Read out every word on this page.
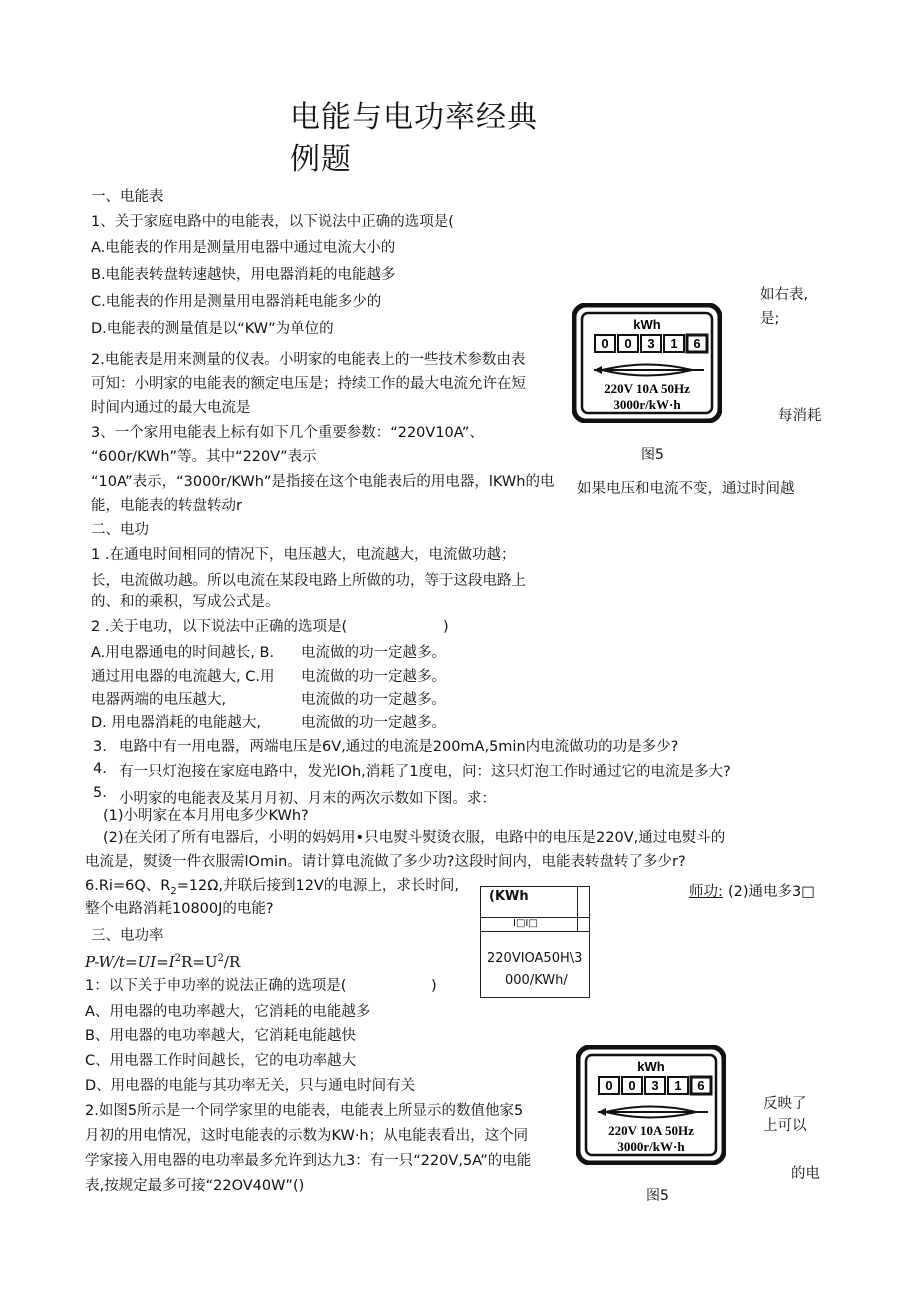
电能与电功率经典
例题
一、电能表
1、关于家庭电路中的电能表，以下说法中正确的选项是(
A.电能表的作用是测量用电器中通过电流大小的
B.电能表转盘转速越快，用电器消耗的电能越多
C.电能表的作用是测量用电器消耗电能多少的
D.电能表的测量值是以“KW”为单位的
2.电能表是用来测量的仪表。小明家的电能表上的一些技术参数由表
可知：小明家的电能表的额定电压是；持续工作的最大电流允许在短
时间内通过的最大电流是
3、一个家用电能表上标有如下几个重要参数：“220V10A”、
“600r/KWh”等。其中“220V”表示
“10A”表示，“3000r/KWh”是指接在这个电能表后的用电器，lKWh的电
能，电能表的转盘转动r
如右表,
是;
每消耗
图5
如果电压和电流不变，通过时间越
kWh
0 0 3 1 6
220V 10A 50Hz
3000r/kW·h
二、电功
1 .在通电时间相同的情况下，电压越大，电流越大，电流做功越；
长，电流做功越。所以电流在某段电路上所做的功，等于这段电路上
的、和的乘积，写成公式是。
2 .关于电功，以下说法中正确的选项是(	)
A.用电器通电的时间越长, B. 电流做的功一定越多。
通过用电器的电流越大, C.用 电流做的功一定越多。
电器两端的电压越大,	电流做的功一定越多。
D. 用电器消耗的电能越大,	电流做的功一定越多。
3. 电路中有一用电器，两端电压是6V,通过的电流是200mA,5min内电流做功的功是多少?
4. 有一只灯泡接在家庭电路中，发光lOh,消耗了1度电，问：这只灯泡工作时通过它的电流是多大?
5. 小明家的电能表及某月月初、月末的两次示数如下图。求：
(1)小明家在本月用电多少KWh?
(2)在关闭了所有电器后，小明的妈妈用•只电熨斗熨烫衣服，电路中的电压是220V,通过电熨斗的
电流是，熨烫一件衣服需lOmin。请计算电流做了多少功?这段时间内，电能表转盘转了多少r?
6.Ri=6Q、$R_2=12\Omega$,并联后接到12V的电源上，求长时间,
整个电路消耗10800J的电能?
师功: (2)通电多3□
(KWh
I□I□
220VIOA50H\3
000/KWh/
三、电功率
$P-W/t=UI=I^2R=U^2/R$
1：以下关于申功率的说法正确的选项是(	)
A、用电器的电功率越大，它消耗的电能越多
B、用电器的电功率越大，它消耗电能越快
C、用电器工作时间越长，它的电功率越大
D、用电器的电能与其功率无关，只与通电时间有关
2.如图5所示是一个同学家里的电能表，电能表上所显示的数值他家5
月初的用电情况，这时电能表的示数为KW·h；从电能表看出，这个同
学家接入用电器的电功率最多允许到达九3：有一只“220V,5A”的电能
表,按规定最多可接“22OV40W”()
kWh
0 0 3 1 6
220V 10A 50Hz
3000r/kW·h
反映了
上可以
的电
图5
